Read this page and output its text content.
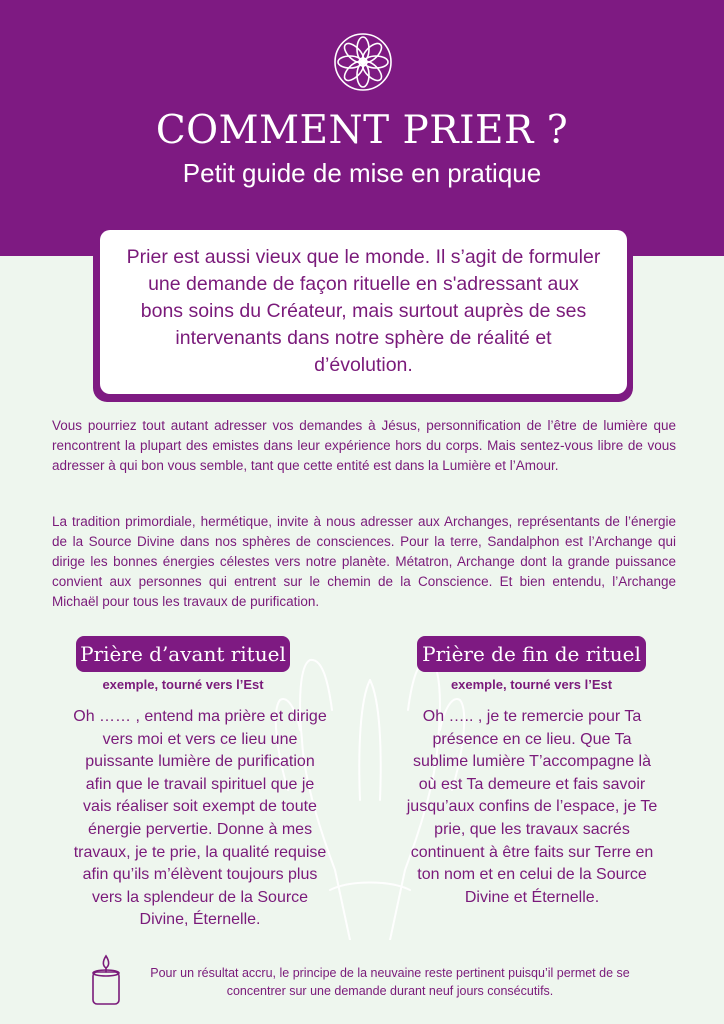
COMMENT PRIER ?
Petit guide de mise en pratique
Prier est aussi vieux que le monde. Il s’agit de formuler une demande de façon rituelle en s'adressant aux bons soins du Créateur, mais surtout auprès de ses intervenants dans notre sphère de réalité et d’évolution.
Vous pourriez tout autant adresser vos demandes à Jésus, personnification de l’être de lumière que rencontrent la plupart des emistes dans leur expérience hors du corps. Mais sentez-vous libre de vous adresser à qui bon vous semble, tant que cette entité est dans la Lumière et l’Amour.
La tradition primordiale, hermétique, invite à nous adresser aux Archanges, représentants de l’énergie de la Source Divine dans nos sphères de consciences. Pour la terre, Sandalphon est l’Archange qui dirige les bonnes énergies célestes vers notre planète. Métatron, Archange dont la grande puissance convient aux personnes qui entrent sur le chemin de la Conscience. Et bien entendu, l’Archange Michaël pour tous les travaux de purification.
Prière d’avant rituel
exemple, tourné vers l’Est
Oh …… , entend ma prière et dirige vers moi et vers ce lieu une puissante lumière de purification afin que le travail spirituel que je vais réaliser soit exempt de toute énergie pervertie. Donne à mes travaux, je te prie, la qualité requise afin qu’ils m’élèvent toujours plus vers la splendeur de la Source Divine, Éternelle.
Prière de fin de rituel
exemple, tourné vers l’Est
Oh ….. , je te remercie pour Ta présence en ce lieu. Que Ta sublime lumière T’accompagne là où est Ta demeure et fais savoir jusqu’aux confins de l’espace, je Te prie, que les travaux sacrés continuent à être faits sur Terre en ton nom et en celui de la Source Divine et Éternelle.
Pour un résultat accru, le principe de la neuvaine reste pertinent puisqu’il permet de se concentrer sur une demande durant neuf jours consécutifs.
